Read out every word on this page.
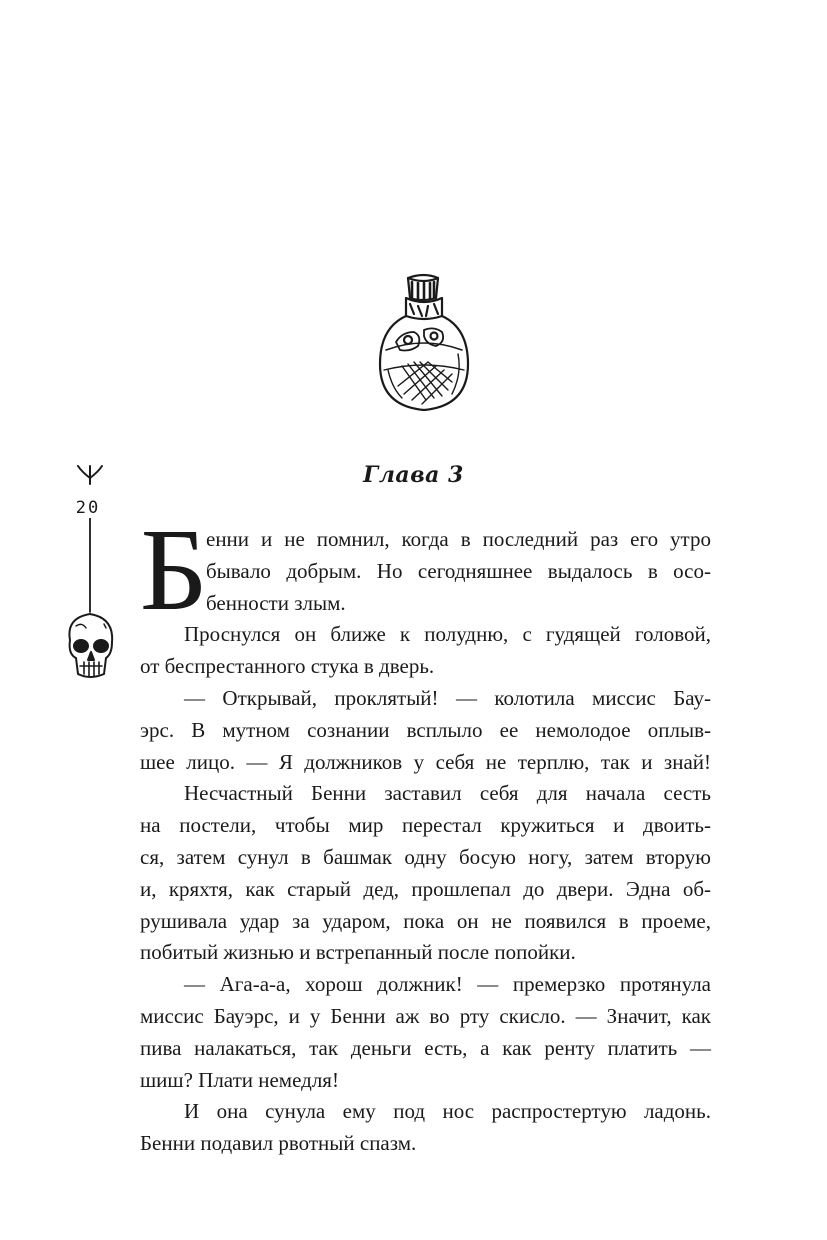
Глава 3
20 Б
енни и не помнил, когда в последний раз его утро
бывало добрым. Но сегодняшнее выдалось в осо-
бенности злым.
Проснулся он ближе к полудню, с гудящей головой,
от беспрестанного стука в дверь.
— Открывай, проклятый! — колотила миссис Бау-
эрс. В мутном сознании всплыло ее немолодое оплыв-
шее лицо. — Я должников у себя не терплю, так и знай!
Несчастный Бенни заставил себя для начала сесть
на постели, чтобы мир перестал кружиться и двоить-
ся, затем сунул в башмак одну босую ногу, затем вторую
и, кряхтя, как старый дед, прошлепал до двери. Эдна об-
рушивала удар за ударом, пока он не появился в проеме,
побитый жизнью и встрепанный после попойки.
— Ага-а-а, хорош должник! — премерзко протянула
миссис Бауэрс, и у Бенни аж во рту скисло. — Значит, как
пива налакаться, так деньги есть, а как ренту платить —
шиш? Плати немедля!
И она сунула ему под нос распростертую ладонь.
Бенни подавил рвотный спазм.
